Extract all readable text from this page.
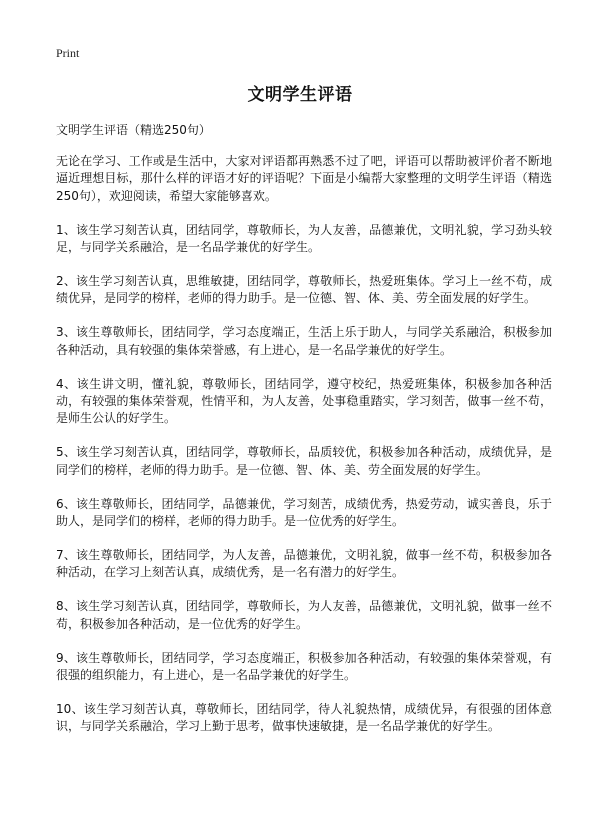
Print
文明学生评语

文明学生评语（精选250句）

无论在学习、工作或是生活中，大家对评语都再熟悉不过了吧，评语可以帮助被评价者不断地逼近理想目标，那什么样的评语才好的评语呢？下面是小编帮大家整理的文明学生评语（精选250句），欢迎阅读，希望大家能够喜欢。

1、该生学习刻苦认真，团结同学，尊敬师长，为人友善，品德兼优，文明礼貌，学习劲头较足，与同学关系融洽，是一名品学兼优的好学生。

2、该生学习刻苦认真，思维敏捷，团结同学，尊敬师长，热爱班集体。学习上一丝不苟，成绩优异，是同学的榜样，老师的得力助手。是一位德、智、体、美、劳全面发展的好学生。

3、该生尊敬师长，团结同学，学习态度端正，生活上乐于助人，与同学关系融洽，积极参加各种活动，具有较强的集体荣誉感，有上进心，是一名品学兼优的好学生。

4、该生讲文明，懂礼貌，尊敬师长，团结同学，遵守校纪，热爱班集体，积极参加各种活动，有较强的集体荣誉观，性情平和，为人友善，处事稳重踏实，学习刻苦，做事一丝不苟，是师生公认的好学生。

5、该生学习刻苦认真，团结同学，尊敬师长，品质较优，积极参加各种活动，成绩优异，是同学们的榜样，老师的得力助手。是一位德、智、体、美、劳全面发展的好学生。

6、该生尊敬师长，团结同学，品德兼优，学习刻苦，成绩优秀，热爱劳动，诚实善良，乐于助人，是同学们的榜样，老师的得力助手。是一位优秀的好学生。

7、该生尊敬师长，团结同学，为人友善，品德兼优，文明礼貌，做事一丝不苟，积极参加各种活动，在学习上刻苦认真，成绩优秀，是一名有潜力的好学生。

8、该生学习刻苦认真，团结同学，尊敬师长，为人友善，品德兼优，文明礼貌，做事一丝不苟，积极参加各种活动，是一位优秀的好学生。

9、该生尊敬师长，团结同学，学习态度端正，积极参加各种活动，有较强的集体荣誉观，有很强的组织能力，有上进心，是一名品学兼优的好学生。

10、该生学习刻苦认真，尊敬师长，团结同学，待人礼貌热情，成绩优异，有很强的团体意识，与同学关系融洽，学习上勤于思考，做事快速敏捷，是一名品学兼优的好学生。
